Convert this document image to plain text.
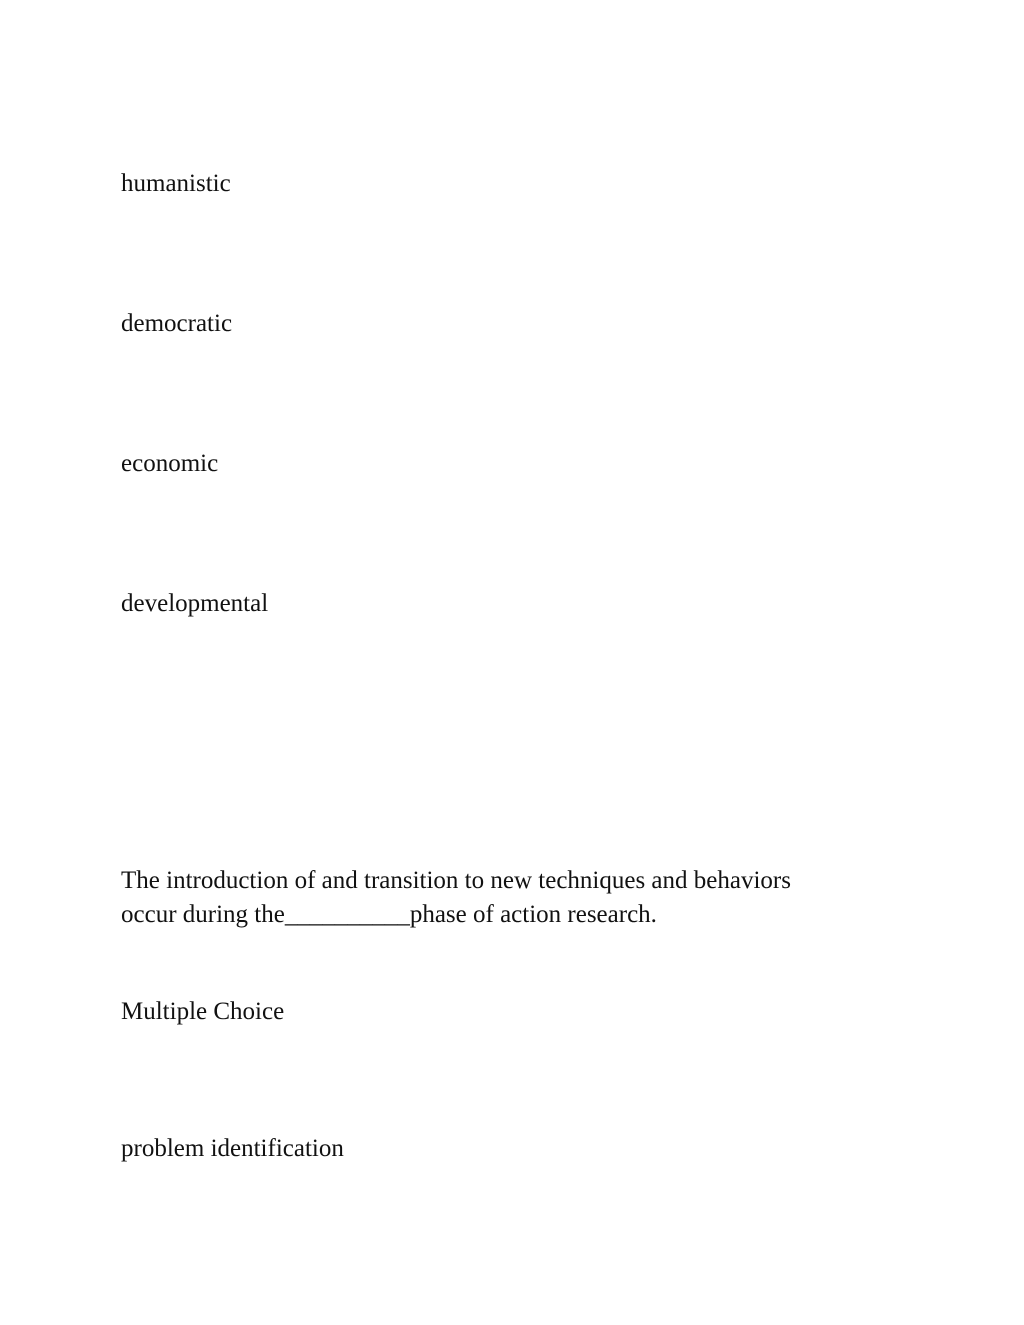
humanistic
democratic
economic
developmental
The introduction of and transition to new techniques and behaviors
occur during the__________phase of action research.
Multiple Choice
problem identification
